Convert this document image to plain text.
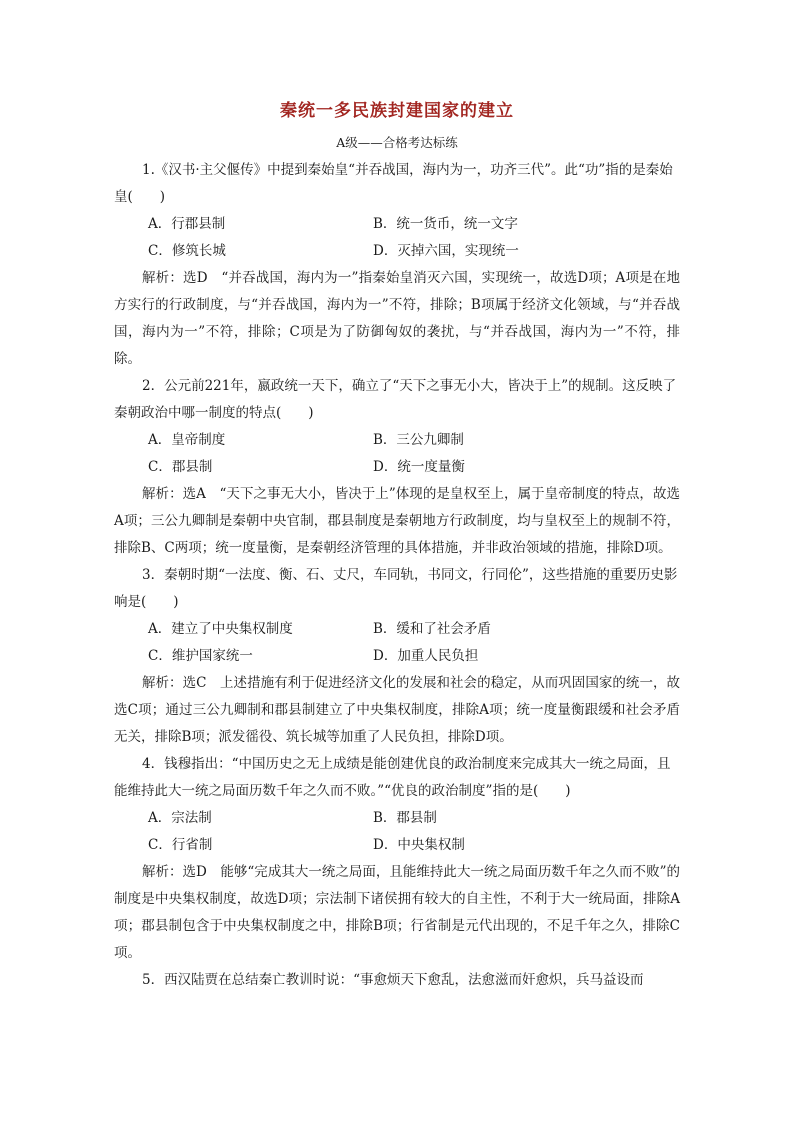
秦统一多民族封建国家的建立
A级——合格考达标练

1.《汉书·主父偃传》中提到秦始皇“并吞战国，海内为一，功齐三代”。此“功”指的是秦始皇(　　)

A．行郡县制	B．统一货币，统一文字
C．修筑长城	D．灭掉六国，实现统一

解析：选D　“并吞战国，海内为一”指秦始皇消灭六国，实现统一，故选D项；A项是在地方实行的行政制度，与“并吞战国，海内为一”不符，排除；B项属于经济文化领域，与“并吞战国，海内为一”不符，排除；C项是为了防御匈奴的袭扰，与“并吞战国，海内为一”不符，排除。

2．公元前221年，嬴政统一天下，确立了“天下之事无小大，皆决于上”的规制。这反映了秦朝政治中哪一制度的特点(　　)

A．皇帝制度	B．三公九卿制
C．郡县制	D．统一度量衡

解析：选A　“天下之事无大小，皆决于上”体现的是皇权至上，属于皇帝制度的特点，故选A项；三公九卿制是秦朝中央官制，郡县制度是秦朝地方行政制度，均与皇权至上的规制不符，排除B、C两项；统一度量衡，是秦朝经济管理的具体措施，并非政治领域的措施，排除D项。

3．秦朝时期“一法度、衡、石、丈尺，车同轨，书同文，行同伦”，这些措施的重要历史影响是(　　)

A．建立了中央集权制度	B．缓和了社会矛盾
C．维护国家统一	D．加重人民负担

解析：选C　上述措施有利于促进经济文化的发展和社会的稳定，从而巩固国家的统一，故选C项；通过三公九卿制和郡县制建立了中央集权制度，排除A项；统一度量衡跟缓和社会矛盾无关，排除B项；派发徭役、筑长城等加重了人民负担，排除D项。

4．钱穆指出：“中国历史之无上成绩是能创建优良的政治制度来完成其大一统之局面，且能维持此大一统之局面历数千年之久而不败。”“优良的政治制度”指的是(　　)

A．宗法制	B．郡县制
C．行省制	D．中央集权制

解析：选D　能够“完成其大一统之局面，且能维持此大一统之局面历数千年之久而不败”的制度是中央集权制度，故选D项；宗法制下诸侯拥有较大的自主性，不利于大一统局面，排除A项；郡县制包含于中央集权制度之中，排除B项；行省制是元代出现的，不足千年之久，排除C项。

5．西汉陆贾在总结秦亡教训时说：“事愈烦天下愈乱，法愈滋而奸愈炽，兵马益设而
